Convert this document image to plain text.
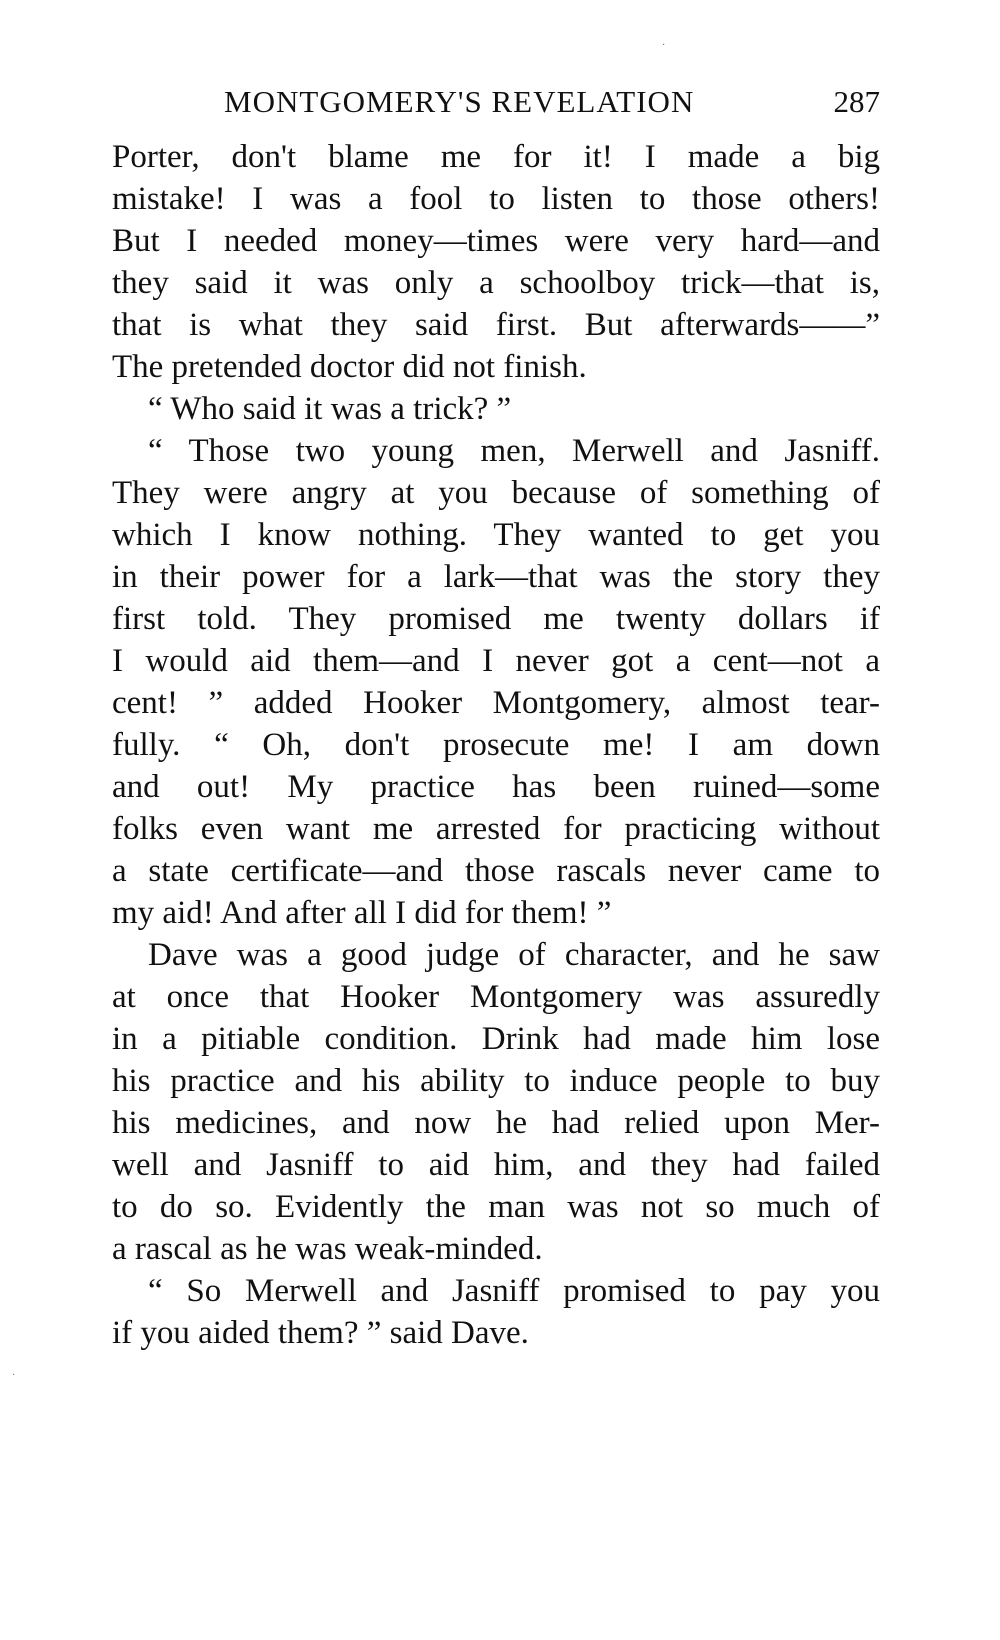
MONTGOMERY'S REVELATION	287
Porter, don't blame me for it! I made a big
mistake! I was a fool to listen to those others!
But I needed money—times were very hard—and
they said it was only a schoolboy trick—that is,
that is what they said first. But afterwards——”
The pretended doctor did not finish.
“ Who said it was a trick? ”
“ Those two young men, Merwell and Jasniff.
They were angry at you because of something of
which I know nothing. They wanted to get you
in their power for a lark—that was the story they
first told. They promised me twenty dollars if
I would aid them—and I never got a cent—not a
cent! ” added Hooker Montgomery, almost tear-
fully. “ Oh, don't prosecute me! I am down
and out! My practice has been ruined—some
folks even want me arrested for practicing without
a state certificate—and those rascals never came to
my aid! And after all I did for them! ”
Dave was a good judge of character, and he saw
at once that Hooker Montgomery was assuredly
in a pitiable condition. Drink had made him lose
his practice and his ability to induce people to buy
his medicines, and now he had relied upon Mer-
well and Jasniff to aid him, and they had failed
to do so. Evidently the man was not so much of
a rascal as he was weak-minded.
“ So Merwell and Jasniff promised to pay you
if you aided them? ” said Dave.
·
·
